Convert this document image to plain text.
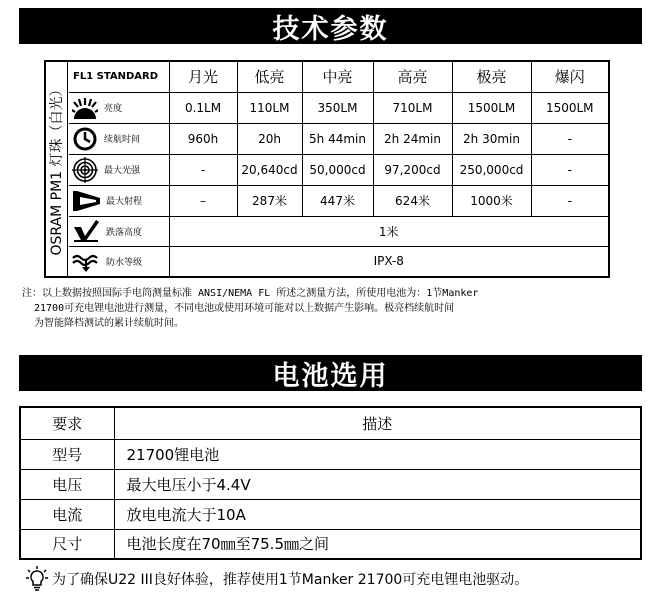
技术参数
OSRAM PM1 灯珠（白光）
FL1 STANDARD	月光	低亮	中亮	高亮	极亮	爆闪

亮度	0.1LM	110LM	350LM	710LM	1500LM	1500LM

续航时间	960h	20h	5h 44min	2h 24min	2h 30min	-

最大光强	-	20,640cd	50,000cd	97,200cd	250,000cd	-

最大射程	–	287米	447米	624米	1000米	-

跌落高度	1米					

防水等级	IPX-8					
注：以上数据按照国际手电筒测量标准 ANSI/NEMA FL 所述之测量方法，所使用电池为：1节Manker
21700可充电锂电池进行测量，不同电池或使用环境可能对以上数据产生影响。极亮档续航时间
为智能降档测试的累计续航时间。
电池选用
要求	描述
型号	21700锂电池
电压	最大电压小于4.4V
电流	放电电流大于10A
尺寸	电池长度在70㎜至75.5㎜之间
为了确保U22 III良好体验，推荐使用1节Manker 21700可充电锂电池驱动。
